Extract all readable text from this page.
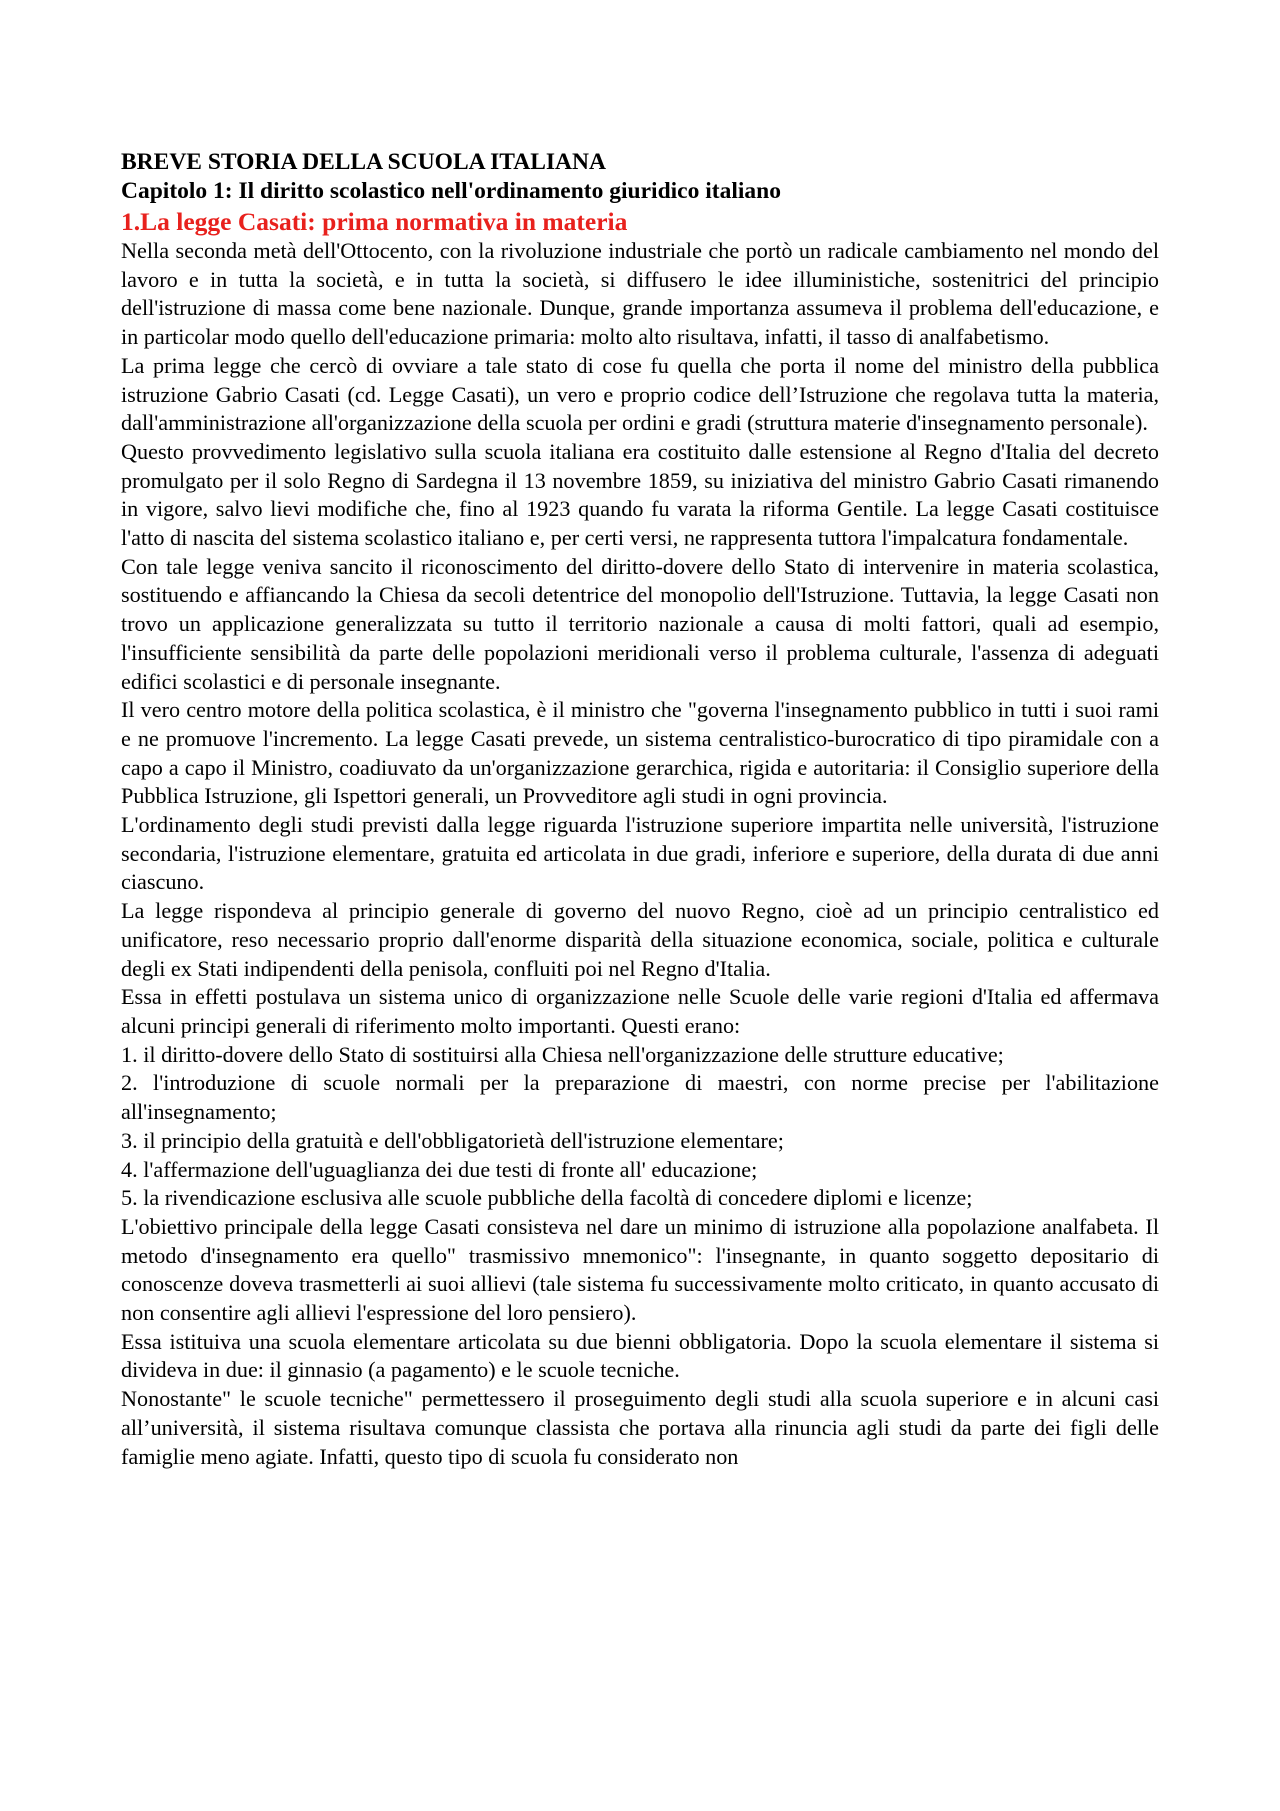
BREVE STORIA DELLA SCUOLA ITALIANA
Capitolo 1: Il diritto scolastico nell'ordinamento giuridico italiano
1.La legge Casati: prima normativa in materia

Nella seconda metà dell'Ottocento, con la rivoluzione industriale che portò un radicale cambiamento nel mondo del lavoro e in tutta la società, e in tutta la società, si diffusero le idee illuministiche, sostenitrici del principio dell'istruzione di massa come bene nazionale. Dunque, grande importanza assumeva il problema dell'educazione, e in particolar modo quello dell'educazione primaria: molto alto risultava, infatti, il tasso di analfabetismo.

La prima legge che cercò di ovviare a tale stato di cose fu quella che porta il nome del ministro della pubblica istruzione Gabrio Casati (cd. Legge Casati), un vero e proprio codice dell’Istruzione che regolava tutta la materia, dall'amministrazione all'organizzazione della scuola per ordini e gradi (struttura materie d'insegnamento personale).

Questo provvedimento legislativo sulla scuola italiana era costituito dalle estensione al Regno d'Italia del decreto promulgato per il solo Regno di Sardegna il 13 novembre 1859, su iniziativa del ministro Gabrio Casati rimanendo in vigore, salvo lievi modifiche che, fino al 1923 quando fu varata la riforma Gentile. La legge Casati costituisce l'atto di nascita del sistema scolastico italiano e, per certi versi, ne rappresenta tuttora l'impalcatura fondamentale.

Con tale legge veniva sancito il riconoscimento del diritto-dovere dello Stato di intervenire in materia scolastica, sostituendo e affiancando la Chiesa da secoli detentrice del monopolio dell'Istruzione. Tuttavia, la legge Casati non trovo un applicazione generalizzata su tutto il territorio nazionale a causa di molti fattori, quali ad esempio, l'insufficiente sensibilità da parte delle popolazioni meridionali verso il problema culturale, l'assenza di adeguati edifici scolastici e di personale insegnante.

Il vero centro motore della politica scolastica, è il ministro che "governa l'insegnamento pubblico in tutti i suoi rami e ne promuove l'incremento. La legge Casati prevede, un sistema centralistico-burocratico di tipo piramidale con a capo a capo il Ministro, coadiuvato da un'organizzazione gerarchica, rigida e autoritaria: il Consiglio superiore della Pubblica Istruzione, gli Ispettori generali, un Provveditore agli studi in ogni provincia.

L'ordinamento degli studi previsti dalla legge riguarda l'istruzione superiore impartita nelle università, l'istruzione secondaria, l'istruzione elementare, gratuita ed articolata in due gradi, inferiore e superiore, della durata di due anni ciascuno.

La legge rispondeva al principio generale di governo del nuovo Regno, cioè ad un principio centralistico ed unificatore, reso necessario proprio dall'enorme disparità della situazione economica, sociale, politica e culturale degli ex Stati indipendenti della penisola, confluiti poi nel Regno d'Italia.

Essa in effetti postulava un sistema unico di organizzazione nelle Scuole delle varie regioni d'Italia ed affermava alcuni principi generali di riferimento molto importanti. Questi erano:

1. il diritto-dovere dello Stato di sostituirsi alla Chiesa nell'organizzazione delle strutture educative;

2. l'introduzione di scuole normali per la preparazione di maestri, con norme precise per l'abilitazione all'insegnamento;

3. il principio della gratuità e dell'obbligatorietà dell'istruzione elementare;

4. l'affermazione dell'uguaglianza dei due testi di fronte all' educazione;

5. la rivendicazione esclusiva alle scuole pubbliche della facoltà di concedere diplomi e licenze;

L'obiettivo principale della legge Casati consisteva nel dare un minimo di istruzione alla popolazione analfabeta. Il metodo d'insegnamento era quello" trasmissivo mnemonico": l'insegnante, in quanto soggetto depositario di conoscenze doveva trasmetterli ai suoi allievi (tale sistema fu successivamente molto criticato, in quanto accusato di non consentire agli allievi l'espressione del loro pensiero).

Essa istituiva una scuola elementare articolata su due bienni obbligatoria. Dopo la scuola elementare il sistema si divideva in due: il ginnasio (a pagamento) e le scuole tecniche.

Nonostante" le scuole tecniche" permettessero il proseguimento degli studi alla scuola superiore e in alcuni casi all’università, il sistema risultava comunque classista che portava alla rinuncia agli studi da parte dei figli delle famiglie meno agiate. Infatti, questo tipo di scuola fu considerato non
